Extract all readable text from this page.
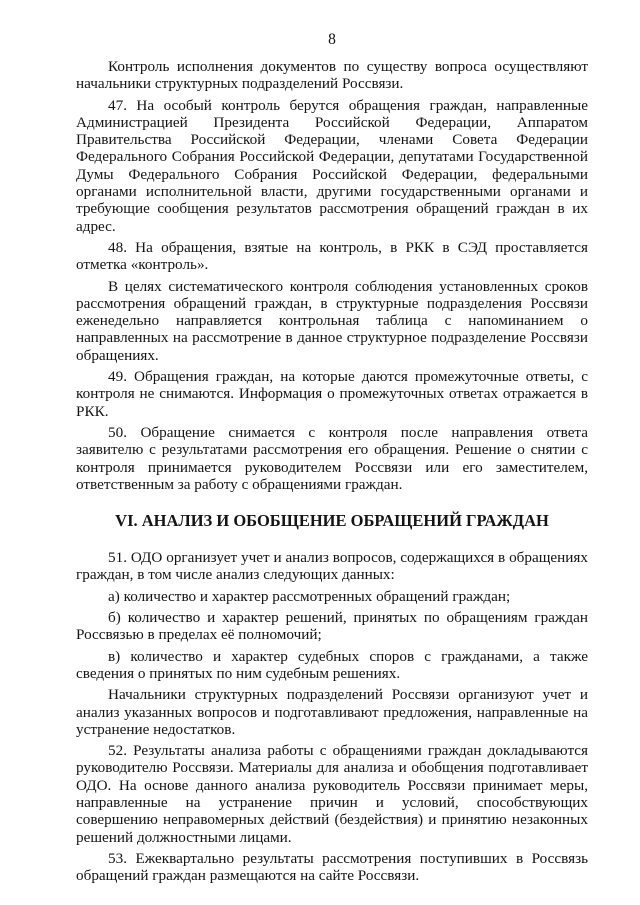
8

Контроль исполнения документов по существу вопроса осуществляют начальники структурных подразделений Россвязи.

47. На особый контроль берутся обращения граждан, направленные Администрацией Президента Российской Федерации, Аппаратом Правительства Российской Федерации, членами Совета Федерации Федерального Собрания Российской Федерации, депутатами Государственной Думы Федерального Собрания Российской Федерации, федеральными органами исполнительной власти, другими государственными органами и требующие сообщения результатов рассмотрения обращений граждан в их адрес.

48. На обращения, взятые на контроль, в РКК в СЭД проставляется отметка «контроль».

В целях систематического контроля соблюдения установленных сроков рассмотрения обращений граждан, в структурные подразделения Россвязи еженедельно направляется контрольная таблица с напоминанием о направленных на рассмотрение в данное структурное подразделение Россвязи обращениях.

49. Обращения граждан, на которые даются промежуточные ответы, с контроля не снимаются. Информация о промежуточных ответах отражается в РКК.

50. Обращение снимается с контроля после направления ответа заявителю с результатами рассмотрения его обращения. Решение о снятии с контроля принимается руководителем Россвязи или его заместителем, ответственным за работу с обращениями граждан.

VI. АНАЛИЗ И ОБОБЩЕНИЕ ОБРАЩЕНИЙ ГРАЖДАН

51. ОДО организует учет и анализ вопросов, содержащихся в обращениях граждан, в том числе анализ следующих данных:

а) количество и характер рассмотренных обращений граждан;

б) количество и характер решений, принятых по обращениям граждан Россвязью в пределах её полномочий;

в) количество и характер судебных споров с гражданами, а также сведения о принятых по ним судебным решениях.

Начальники структурных подразделений Россвязи организуют учет и анализ указанных вопросов и подготавливают предложения, направленные на устранение недостатков.

52. Результаты анализа работы с обращениями граждан докладываются руководителю Россвязи. Материалы для анализа и обобщения подготавливает ОДО. На основе данного анализа руководитель Россвязи принимает меры, направленные на устранение причин и условий, способствующих совершению неправомерных действий (бездействия) и принятию незаконных решений должностными лицами.

53. Ежеквартально результаты рассмотрения поступивших в Россвязь обращений граждан размещаются на сайте Россвязи.
